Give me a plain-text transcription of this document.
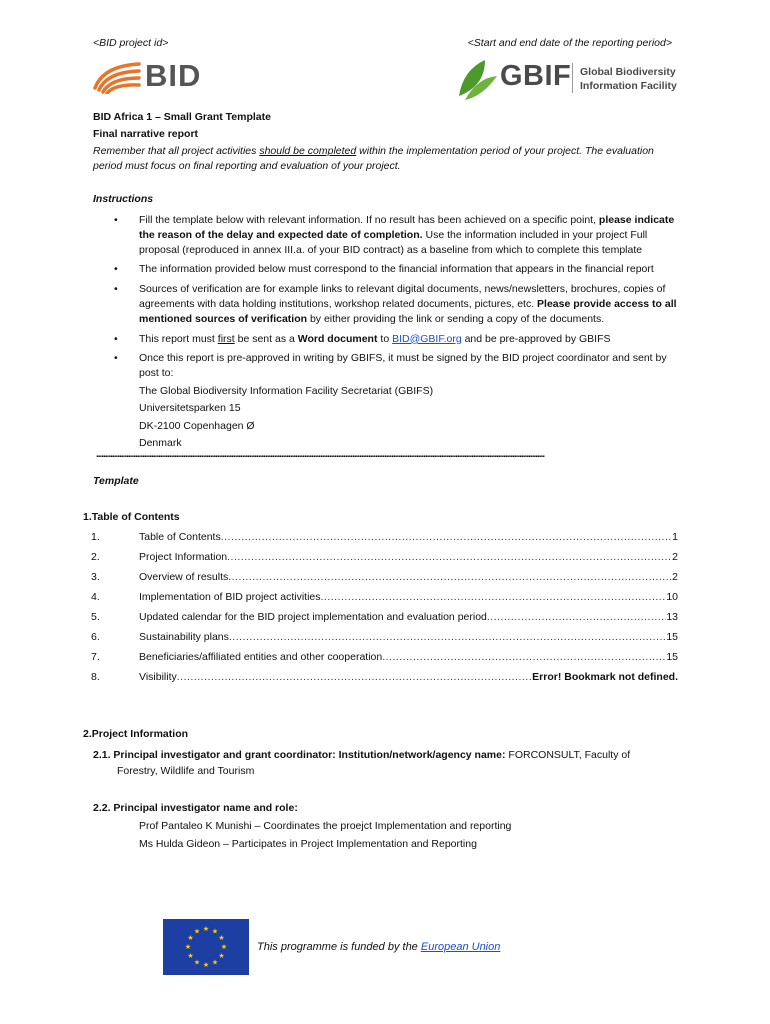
<BID project id>	<Start and end date of the reporting period>
BID	GBIF Global Biodiversity
Information Facility
BID Africa 1 – Small Grant Template
Final narrative report
Remember that all project activities should be completed within the implementation period of your project. The evaluation period must focus on final reporting and evaluation of your project.
Instructions
• Fill the template below with relevant information. If no result has been achieved on a specific point, please indicate the reason of the delay and expected date of completion. Use the information included in your project Full proposal (reproduced in annex III.a. of your BID contract) as a baseline from which to complete this template
• The information provided below must correspond to the financial information that appears in the financial report
• Sources of verification are for example links to relevant digital documents, news/newsletters, brochures, copies of agreements with data holding institutions, workshop related documents, pictures, etc. Please provide access to all mentioned sources of verification by either providing the link or sending a copy of the documents.
• This report must first be sent as a Word document to BID@GBIF.org and be pre-approved by GBIFS
• Once this report is pre-approved in writing by GBIFS, it must be signed by the BID project coordinator and sent by post to:
The Global Biodiversity Information Facility Secretariat (GBIFS)
Universitetsparken 15
DK-2100 Copenhagen Ø
Denmark
............................................................................................................................................................................................................................................................
Template
1.Table of Contents
1.	Table of Contents .....	1
2.	Project Information .....	2
3.	Overview of results .....	2
4.	Implementation of BID project activities .....	10
5.	Updated calendar for the BID project implementation and evaluation period .....	13
6.	Sustainability plans .....	15
7.	Beneficiaries/affiliated entities and other cooperation .....	15
8.	Visibility .....	Error! Bookmark not defined.
2.Project Information
2.1. Principal investigator and grant coordinator: Institution/network/agency name: FORCONSULT, Faculty of
Forestry, Wildlife and Tourism
2.2. Principal investigator name and role:
Prof Pantaleo K Munishi – Coordinates the proejct Implementation and reporting
Ms Hulda Gideon – Participates in Project Implementation and Reporting
★ ★
★
★
★
★
★
★
★
★
★
★
This programme is funded by the European Union
